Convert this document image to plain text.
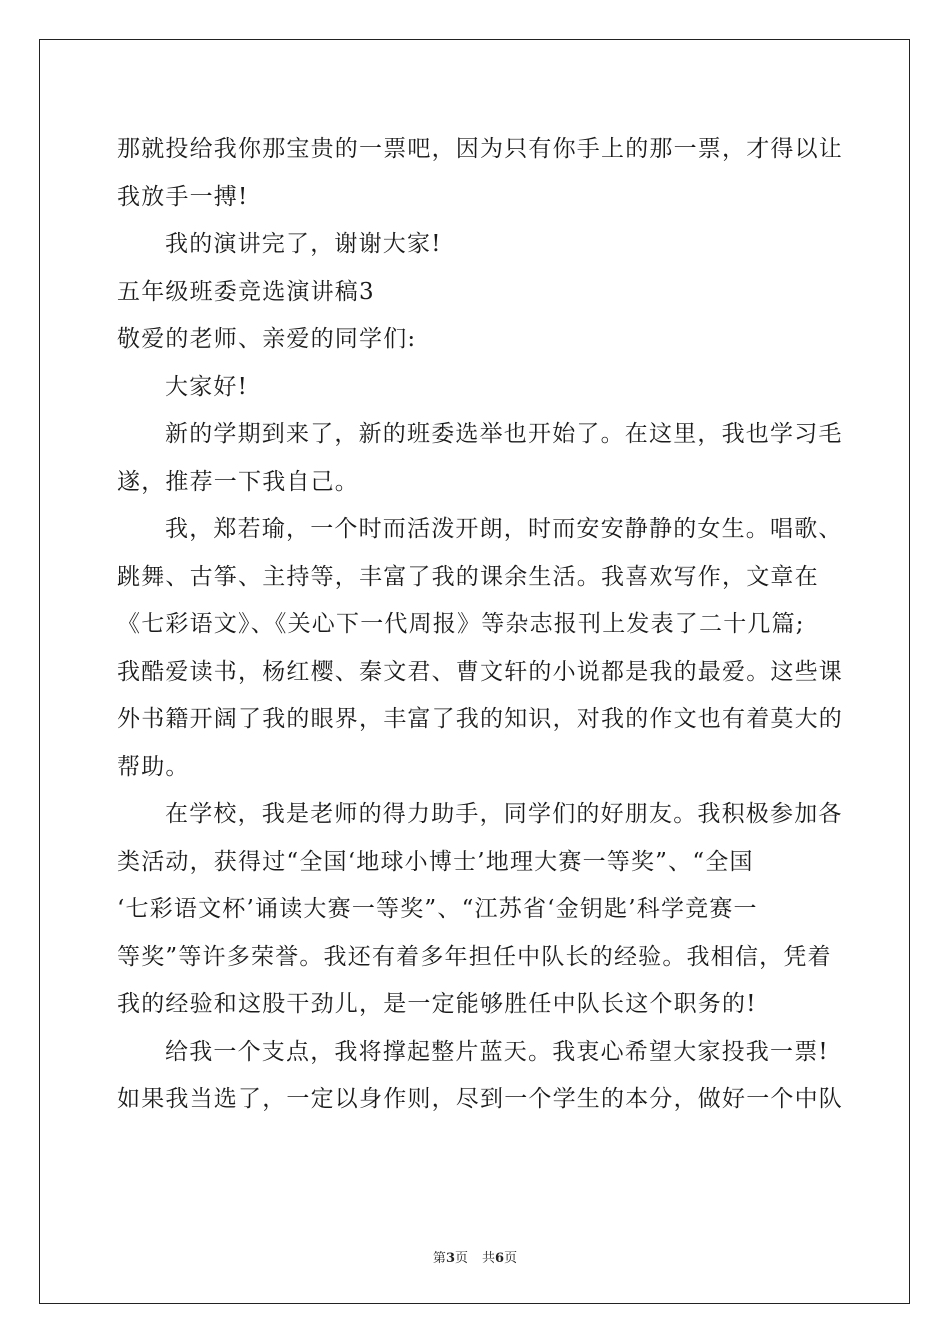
那就投给我你那宝贵的一票吧，因为只有你手上的那一票，才得以让
我放手一搏!
我的演讲完了，谢谢大家!
五年级班委竞选演讲稿3
敬爱的老师、亲爱的同学们:
大家好!
新的学期到来了，新的班委选举也开始了。在这里，我也学习毛
遂，推荐一下我自己。
我，郑若瑜，一个时而活泼开朗，时而安安静静的女生。唱歌、
跳舞、古筝、主持等，丰富了我的课余生活。我喜欢写作，文章在
《七彩语文》、《关心下一代周报》等杂志报刊上发表了二十几篇;
我酷爱读书，杨红樱、秦文君、曹文轩的小说都是我的最爱。这些课
外书籍开阔了我的眼界，丰富了我的知识，对我的作文也有着莫大的
帮助。
在学校，我是老师的得力助手，同学们的好朋友。我积极参加各
类活动，获得过“全国‘地球小博士’地理大赛一等奖”、“全国
‘七彩语文杯’诵读大赛一等奖”、“江苏省‘金钥匙’科学竞赛一
等奖”等许多荣誉。我还有着多年担任中队长的经验。我相信，凭着
我的经验和这股干劲儿，是一定能够胜任中队长这个职务的!
给我一个支点，我将撑起整片蓝天。我衷心希望大家投我一票!
如果我当选了，一定以身作则，尽到一个学生的本分，做好一个中队
第3页 共6页
